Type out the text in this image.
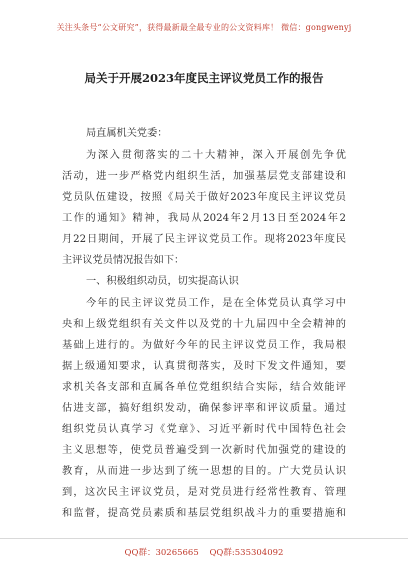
关注头条号“公文研究”，获得最新最全最专业的公文资料库！ 微信：gongwenyj
局关于开展2023年度民主评议党员工作的报告
局直属机关党委：
为深入贯彻落实的二十大精神，深入开展创先争优
活动，进一步严格党内组织生活，加强基层党支部建设和
党员队伍建设，按照《局关于做好2023年度民主评议党员
工作的通知》精神，我局从2024年2月13日至2024年2
月22日期间，开展了民主评议党员工作。现将2023年度民
主评议党员情况报告如下：
一、积极组织动员，切实提高认识
今年的民主评议党员工作，是在全体党员认真学习中
央和上级党组织有关文件以及党的十九届四中全会精神的
基础上进行的。为做好今年的民主评议党员工作，我局根
据上级通知要求，认真贯彻落实，及时下发文件通知，要
求机关各支部和直属各单位党组织结合实际，结合效能评
估进支部，搞好组织发动，确保参评率和评议质量。通过
组织党员认真学习《党章》、习近平新时代中国特色社会
主义思想等，使党员普遍受到一次新时代加强党的建设的
教育，从而进一步达到了统一思想的目的。广大党员认识
到，这次民主评议党员，是对党员进行经常性教育、管理
和监督，提高党员素质和基层党组织战斗力的重要措施和
QQ群：30265665 QQ群:535304092
